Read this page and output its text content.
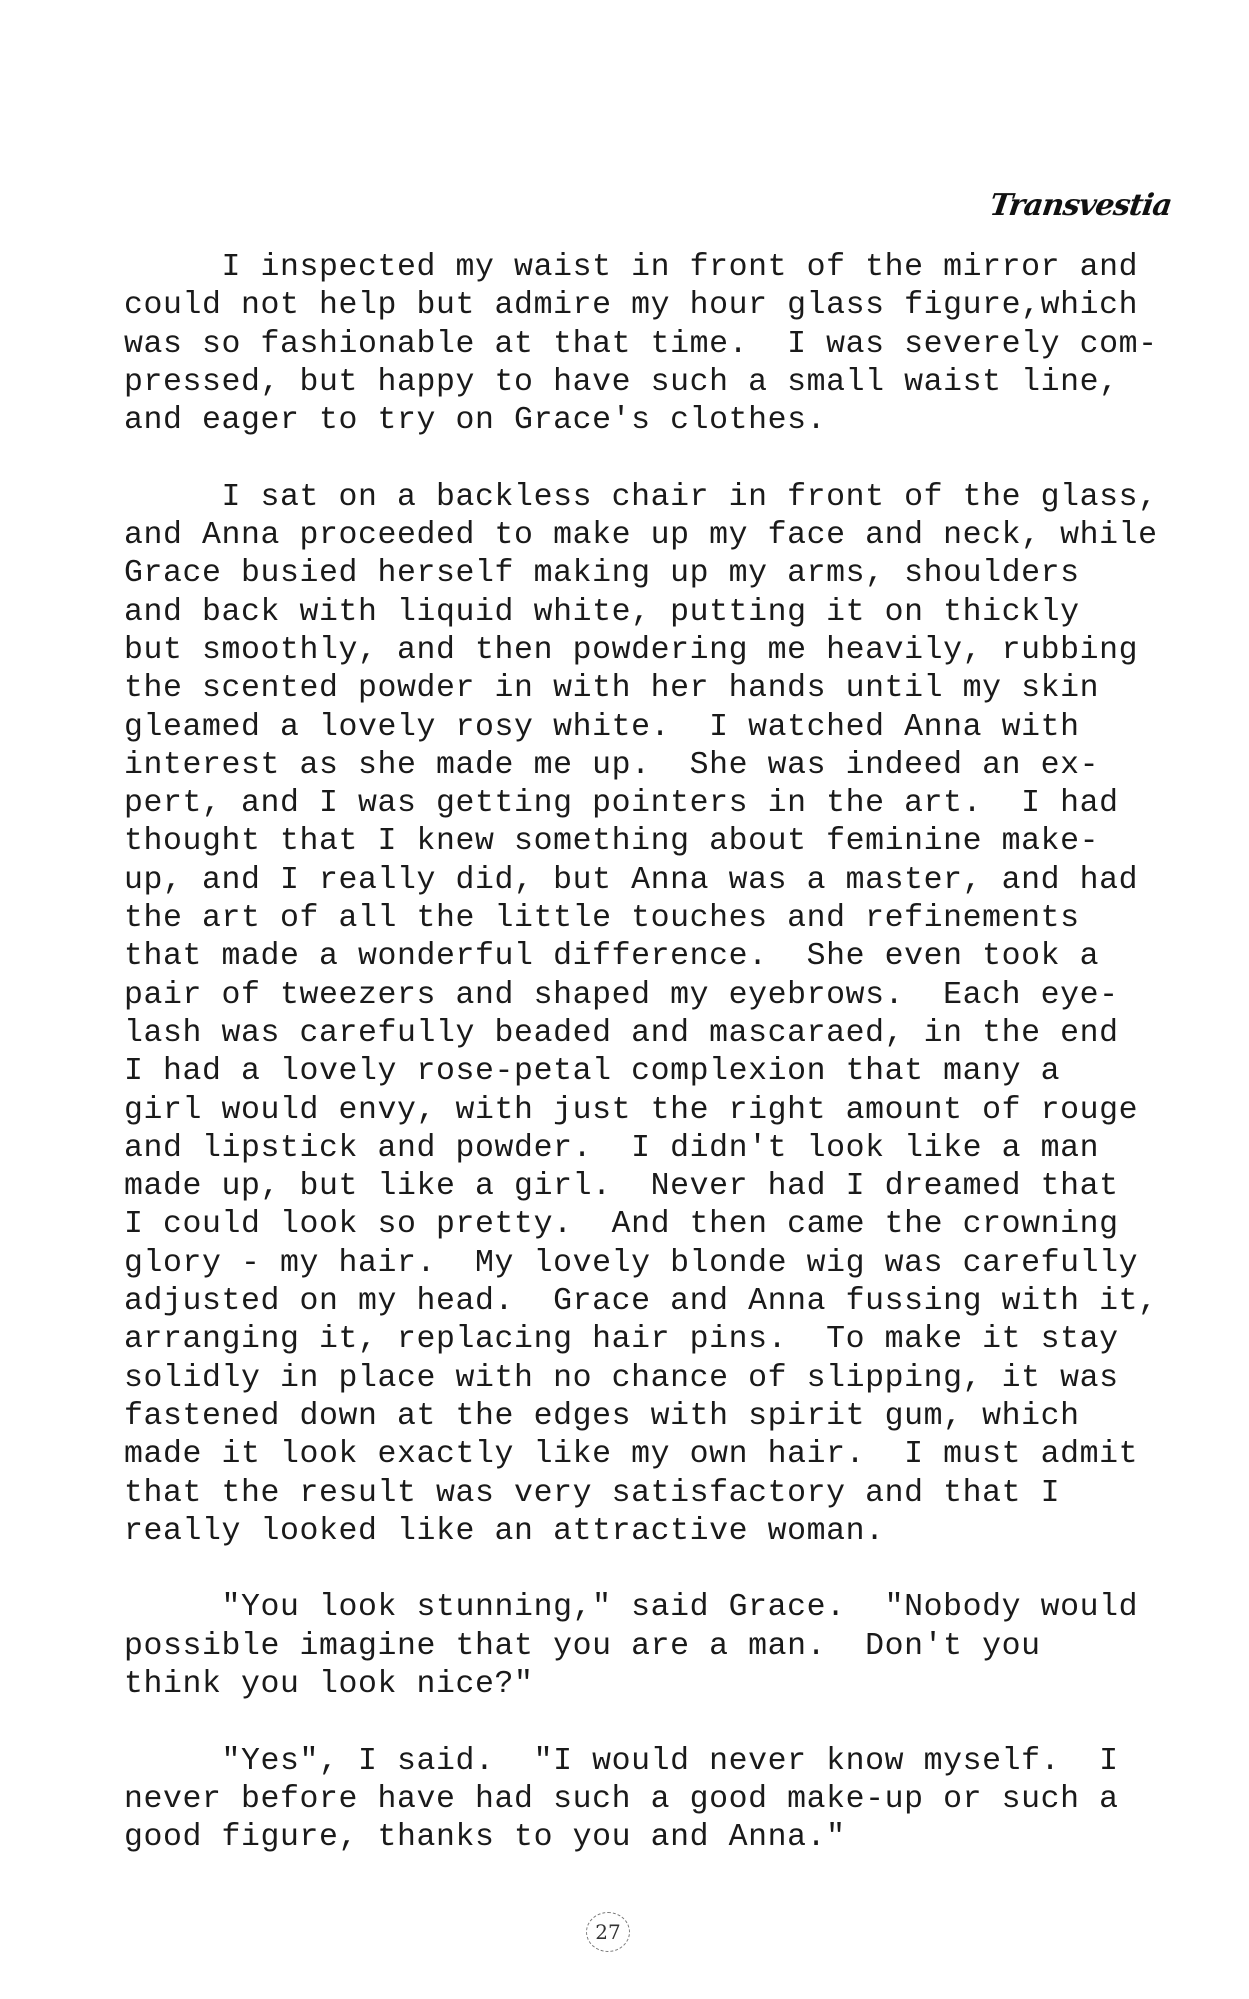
Transvestia
I inspected my waist in front of the mirror and
could not help but admire my hour glass figure,which
was so fashionable at that time.  I was severely com-
pressed, but happy to have such a small waist line,
and eager to try on Grace's clothes.
I sat on a backless chair in front of the glass,
and Anna proceeded to make up my face and neck, while
Grace busied herself making up my arms, shoulders
and back with liquid white, putting it on thickly
but smoothly, and then powdering me heavily, rubbing
the scented powder in with her hands until my skin
gleamed a lovely rosy white.  I watched Anna with
interest as she made me up.  She was indeed an ex-
pert, and I was getting pointers in the art.  I had
thought that I knew something about feminine make-
up, and I really did, but Anna was a master, and had
the art of all the little touches and refinements
that made a wonderful difference.  She even took a
pair of tweezers and shaped my eyebrows.  Each eye-
lash was carefully beaded and mascaraed, in the end
I had a lovely rose-petal complexion that many a
girl would envy, with just the right amount of rouge
and lipstick and powder.  I didn't look like a man
made up, but like a girl.  Never had I dreamed that
I could look so pretty.  And then came the crowning
glory - my hair.  My lovely blonde wig was carefully
adjusted on my head.  Grace and Anna fussing with it,
arranging it, replacing hair pins.  To make it stay
solidly in place with no chance of slipping, it was
fastened down at the edges with spirit gum, which
made it look exactly like my own hair.  I must admit
that the result was very satisfactory and that I
really looked like an attractive woman.
"You look stunning," said Grace.  "Nobody would
possible imagine that you are a man.  Don't you
think you look nice?"
"Yes", I said.  "I would never know myself.  I
never before have had such a good make-up or such a
good figure, thanks to you and Anna."
27
